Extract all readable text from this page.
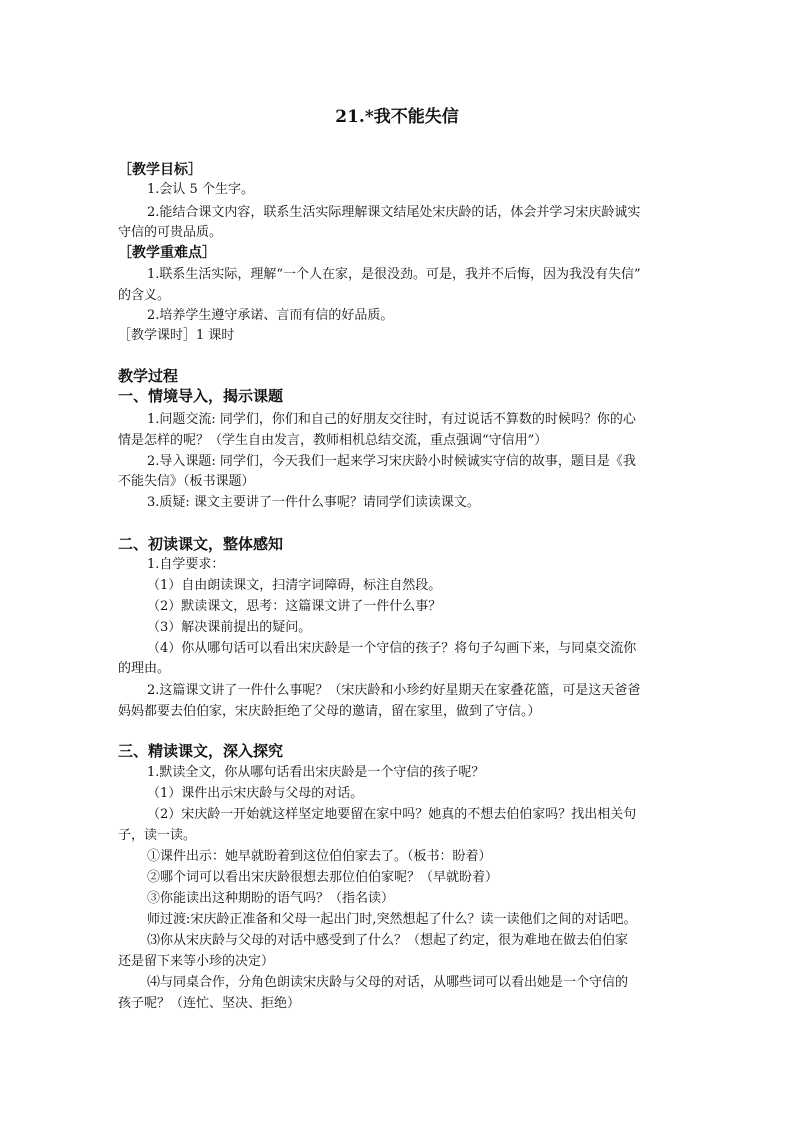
21.*我不能失信
［教学目标］
1.会认 5 个生字。
2.能结合课文内容，联系生活实际理解课文结尾处宋庆龄的话，体会并学习宋庆龄诚实
守信的可贵品质。
［教学重难点］
1.联系生活实际，理解“一个人在家，是很没劲。可是，我并不后悔，因为我没有失信”
的含义。
2.培养学生遵守承诺、言而有信的好品质。
［教学课时］1 课时
教学过程
一、情境导入，揭示课题
1.问题交流: 同学们，你们和自己的好朋友交往时，有过说话不算数的时候吗？你的心
情是怎样的呢？（学生自由发言，教师相机总结交流，重点强调“守信用”）
2.导入课题: 同学们，今天我们一起来学习宋庆龄小时候诚实守信的故事，题目是《我
不能失信》（板书课题）
3.质疑: 课文主要讲了一件什么事呢？请同学们读读课文。
二、初读课文，整体感知
1.自学要求：
（1）自由朗读课文，扫清字词障碍，标注自然段。
（2）默读课文，思考：这篇课文讲了一件什么事？
（3）解决课前提出的疑问。
（4）你从哪句话可以看出宋庆龄是一个守信的孩子？将句子勾画下来，与同桌交流你
的理由。
2.这篇课文讲了一件什么事呢？（宋庆龄和小珍约好星期天在家叠花篮，可是这天爸爸
妈妈都要去伯伯家，宋庆龄拒绝了父母的邀请，留在家里，做到了守信。）
三、精读课文，深入探究
1.默读全文，你从哪句话看出宋庆龄是一个守信的孩子呢？
（1）课件出示宋庆龄与父母的对话。
（2）宋庆龄一开始就这样坚定地要留在家中吗？她真的不想去伯伯家吗？找出相关句
子，读一读。
①课件出示：她早就盼着到这位伯伯家去了。（板书：盼着）
②哪个词可以看出宋庆龄很想去那位伯伯家呢？（早就盼着）
③你能读出这种期盼的语气吗？（指名读）
师过渡:宋庆龄正准备和父母一起出门时,突然想起了什么？读一读他们之间的对话吧。
⑶你从宋庆龄与父母的对话中感受到了什么？（想起了约定，很为难地在做去伯伯家
还是留下来等小珍的决定）
⑷与同桌合作，分角色朗读宋庆龄与父母的对话，从哪些词可以看出她是一个守信的
孩子呢？（连忙、坚决、拒绝）
